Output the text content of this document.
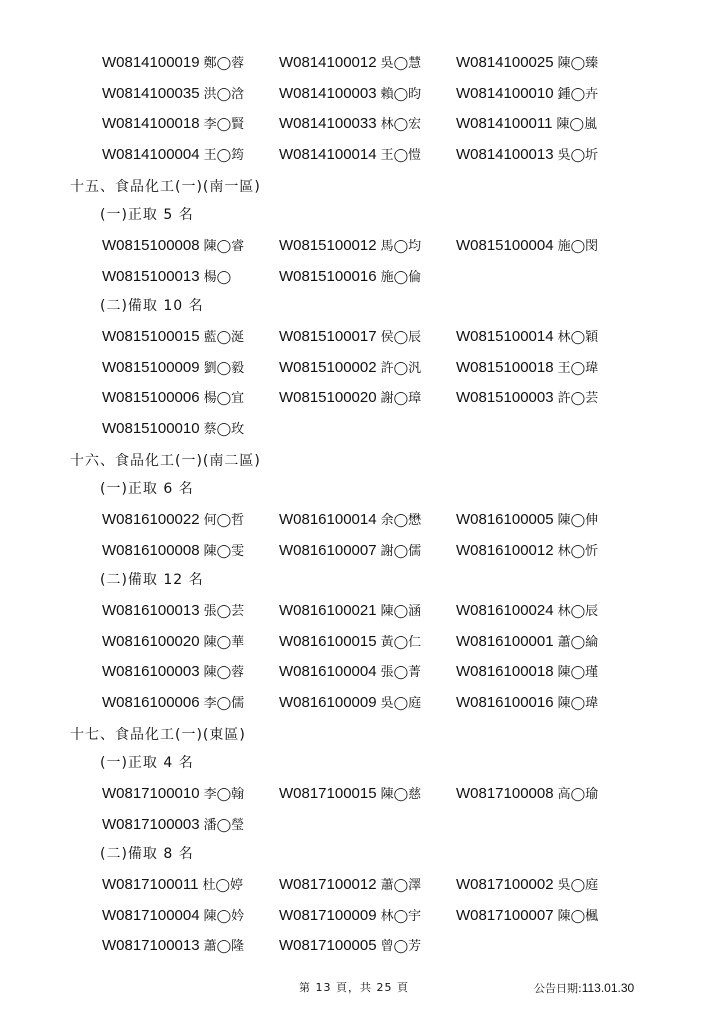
W0814100019 鄭◯蓉 W0814100012 吳◯慧 W0814100025 陳◯臻
W0814100035 洪◯浛 W0814100003 賴◯昀 W0814100010 鍾◯卉
W0814100018 李◯賢 W0814100033 林◯宏 W0814100011 陳◯嵐
W0814100004 王◯筠 W0814100014 王◯愷 W0814100013 吳◯圻
十五、食品化工(一)(南一區)
(一)正取 5 名
W0815100008 陳◯睿 W0815100012 馬◯均 W0815100004 施◯閔
W0815100013 楊◯	W0815100016 施◯倫
(二)備取 10 名
W0815100015 藍◯涎 W0815100017 侯◯辰 W0815100014 林◯穎
W0815100009 劉◯毅 W0815100002 許◯汎 W0815100018 王◯瑋
W0815100006 楊◯宜 W0815100020 謝◯璋 W0815100003 許◯芸
W0815100010 蔡◯玫
十六、食品化工(一)(南二區)
(一)正取 6 名
W0816100022 何◯哲 W0816100014 余◯懋 W0816100005 陳◯伸
W0816100008 陳◯雯 W0816100007 謝◯儒 W0816100012 林◯忻
(二)備取 12 名
W0816100013 張◯芸 W0816100021 陳◯涵 W0816100024 林◯辰
W0816100020 陳◯華 W0816100015 黃◯仁 W0816100001 蕭◯綸
W0816100003 陳◯蓉 W0816100004 張◯菁 W0816100018 陳◯瑾
W0816100006 李◯儒 W0816100009 吳◯庭 W0816100016 陳◯瑋
十七、食品化工(一)(東區)
(一)正取 4 名
W0817100010 李◯翰 W0817100015 陳◯慈 W0817100008 高◯瑜
W0817100003 潘◯瑩
(二)備取 8 名
W0817100011 杜◯婷 W0817100012 蕭◯澤 W0817100002 吳◯庭
W0817100004 陳◯妗 W0817100009 林◯宇 W0817100007 陳◯楓
W0817100013 蕭◯隆 W0817100005 曾◯芳
第 13 頁，共 25 頁	公告日期:113.01.30
